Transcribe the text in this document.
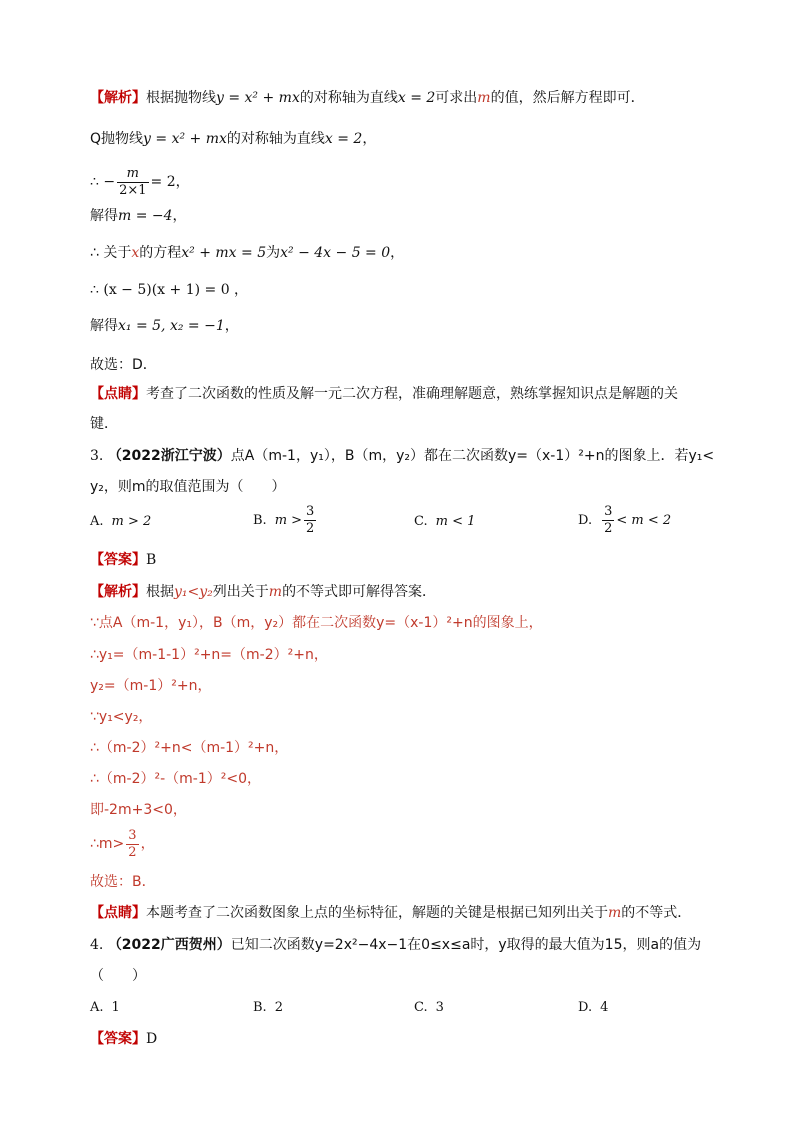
【解析】根据抛物线y = x² + mx的对称轴为直线x = 2可求出m的值，然后解方程即可．
Q抛物线y = x² + mx的对称轴为直线x = 2，
∴ − $\frac{m}{2\times 1} = 2$，
解得m = −4，
∴ 关于x的方程x² + mx = 5为x² − 4x − 5 = 0，
∴ (x − 5)(x + 1) = 0 ，
解得x₁ = 5, x₂ = −1，
故选：D．
【点睛】考查了二次函数的性质及解一元二次方程，准确理解题意，熟练掌握知识点是解题的关
键．
3. （2022浙江宁波）点A（m-1，y₁），B（m，y₂）都在二次函数y=（x-1）²+n的图象上．若y₁<
y₂，则m的取值范围为（　　）
A. m > 2	B. $m > \frac{3}{2}$	C. m < 1	D. $\frac{3}{2} < m < 2$
【答案】B
【解析】根据y₁<y₂列出关于m的不等式即可解得答案．
∵点A（m-1，y₁），B（m，y₂）都在二次函数y=（x-1）²+n的图象上，
∴y₁=（m-1-1）²+n=（m-2）²+n，
y₂=（m-1）²+n，
∵y₁<y₂，
∴（m-2）²+n<（m-1）²+n，
∴（m-2）²-（m-1）²<0，
即-2m+3<0，
∴m> $\frac{3}{2}$ ，
故选：B．
【点睛】本题考查了二次函数图象上点的坐标特征，解题的关键是根据已知列出关于m的不等式．
4. （2022广西贺州）已知二次函数y=2x²−4x−1在0≤x≤a时，y取得的最大值为15，则a的值为
（　　）
A. 1	B. 2	C. 3	D. 4
【答案】D
